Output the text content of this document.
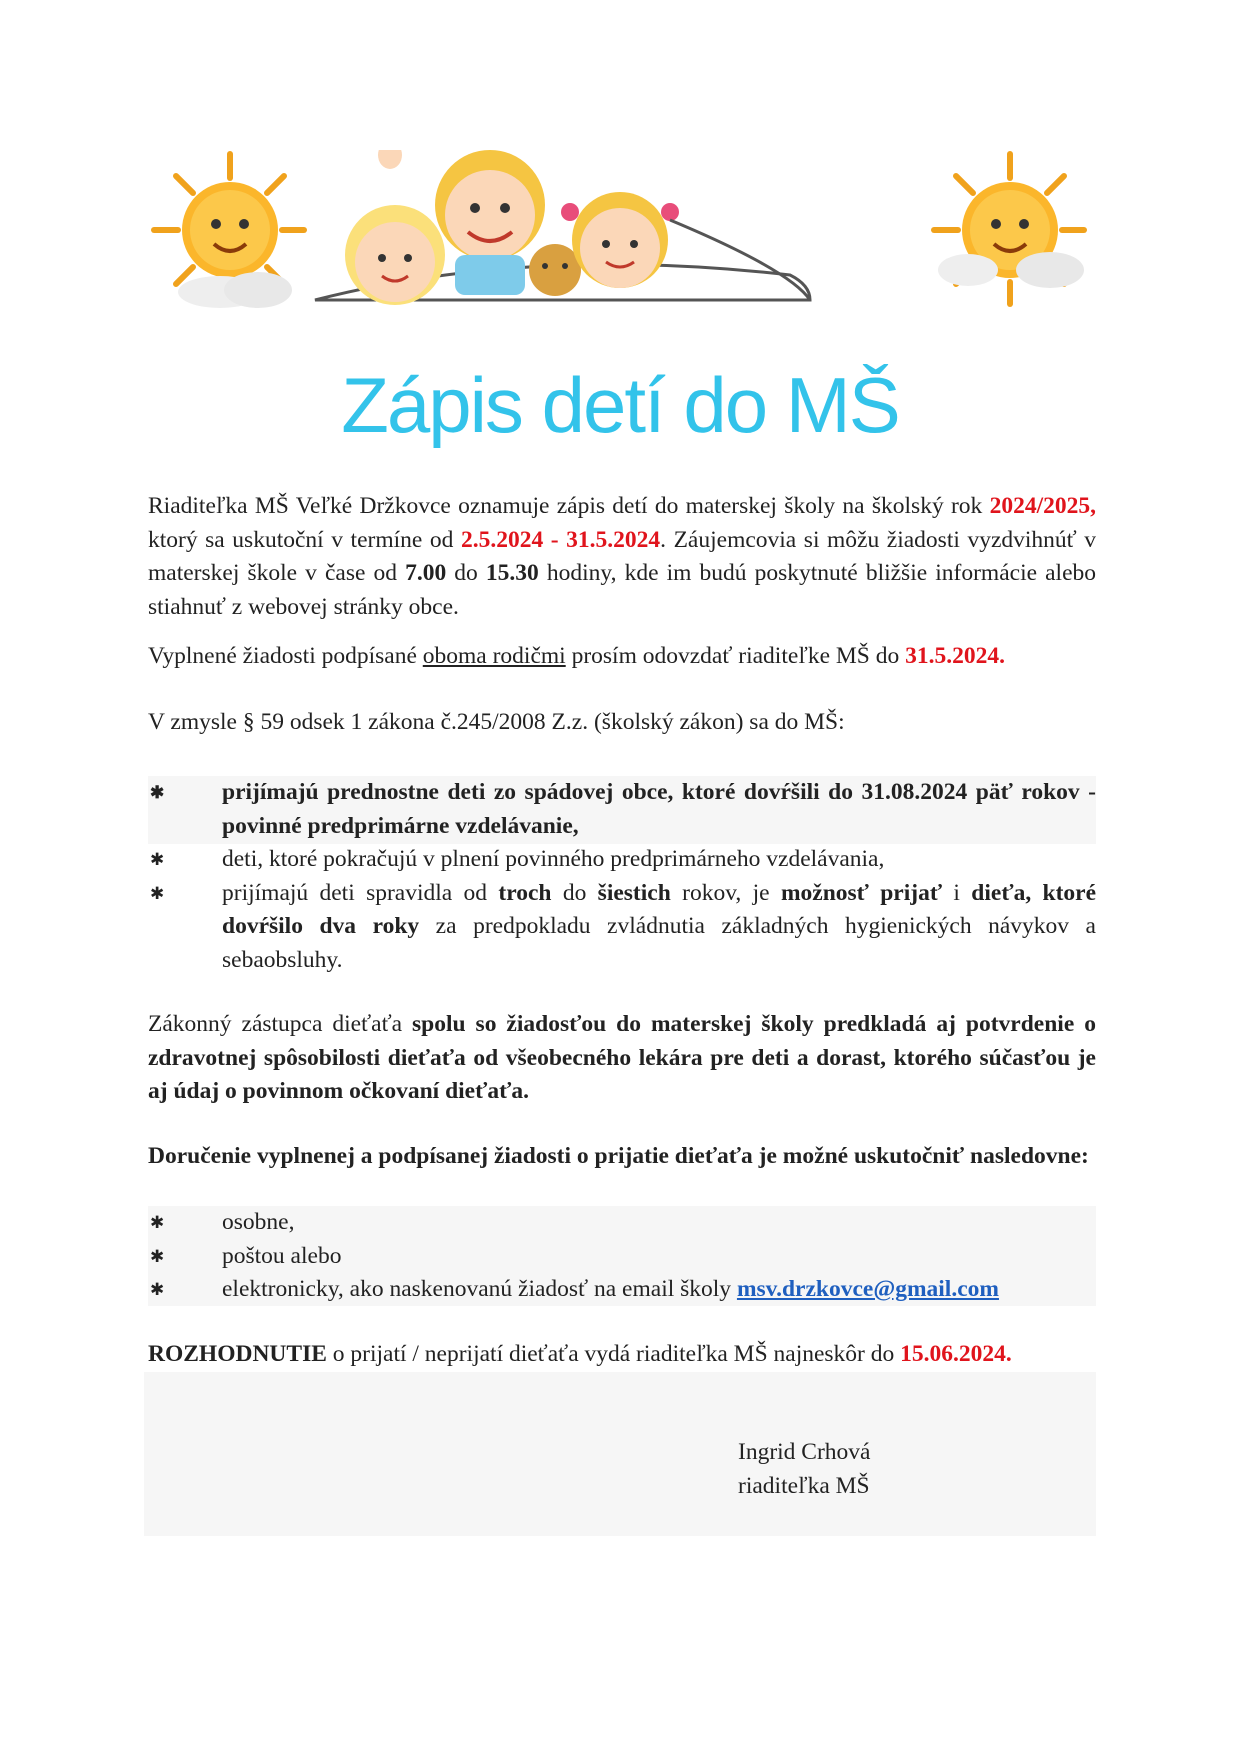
Zápis detí do MŠ

Riaditeľka MŠ Veľké Držkovce oznamuje zápis detí do materskej školy na školský rok 2024/2025, ktorý sa uskutoční v termíne od 2.5.2024 - 31.5.2024. Záujemcovia si môžu žiadosti vyzdvihnúť v materskej škole v čase od 7.00 do 15.30 hodiny, kde im budú poskytnuté bližšie informácie alebo stiahnuť z webovej stránky obce.

Vyplnené žiadosti podpísané oboma rodičmi prosím odovzdať riaditeľke MŠ do 31.5.2024.

V zmysle § 59 odsek 1 zákona č.245/2008 Z.z. (školský zákon) sa do MŠ:

✱ prijímajú prednostne deti zo spádovej obce, ktoré dovŕšili do 31.08.2024 päť rokov - povinné predprimárne vzdelávanie,
✱ deti, ktoré pokračujú v plnení povinného predprimárneho vzdelávania,
✱ prijímajú deti spravidla od troch do šiestich rokov, je možnosť prijať i dieťa, ktoré dovŕšilo dva roky za predpokladu zvládnutia základných hygienických návykov a sebaobsluhy.

Zákonný zástupca dieťaťa spolu so žiadosťou do materskej školy predkladá aj potvrdenie o zdravotnej spôsobilosti dieťaťa od všeobecného lekára pre deti a dorast, ktorého súčasťou je aj údaj o povinnom očkovaní dieťaťa.

Doručenie vyplnenej a podpísanej žiadosti o prijatie dieťaťa je možné uskutočniť nasledovne:

✱ osobne,
✱ poštou alebo
✱ elektronicky, ako naskenovanú žiadosť na email školy msv.drzkovce@gmail.com

ROZHODNUTIE o prijatí / neprijatí dieťaťa vydá riaditeľka MŠ najneskôr do 15.06.2024.

Ingrid Crhová
riaditeľka MŠ
